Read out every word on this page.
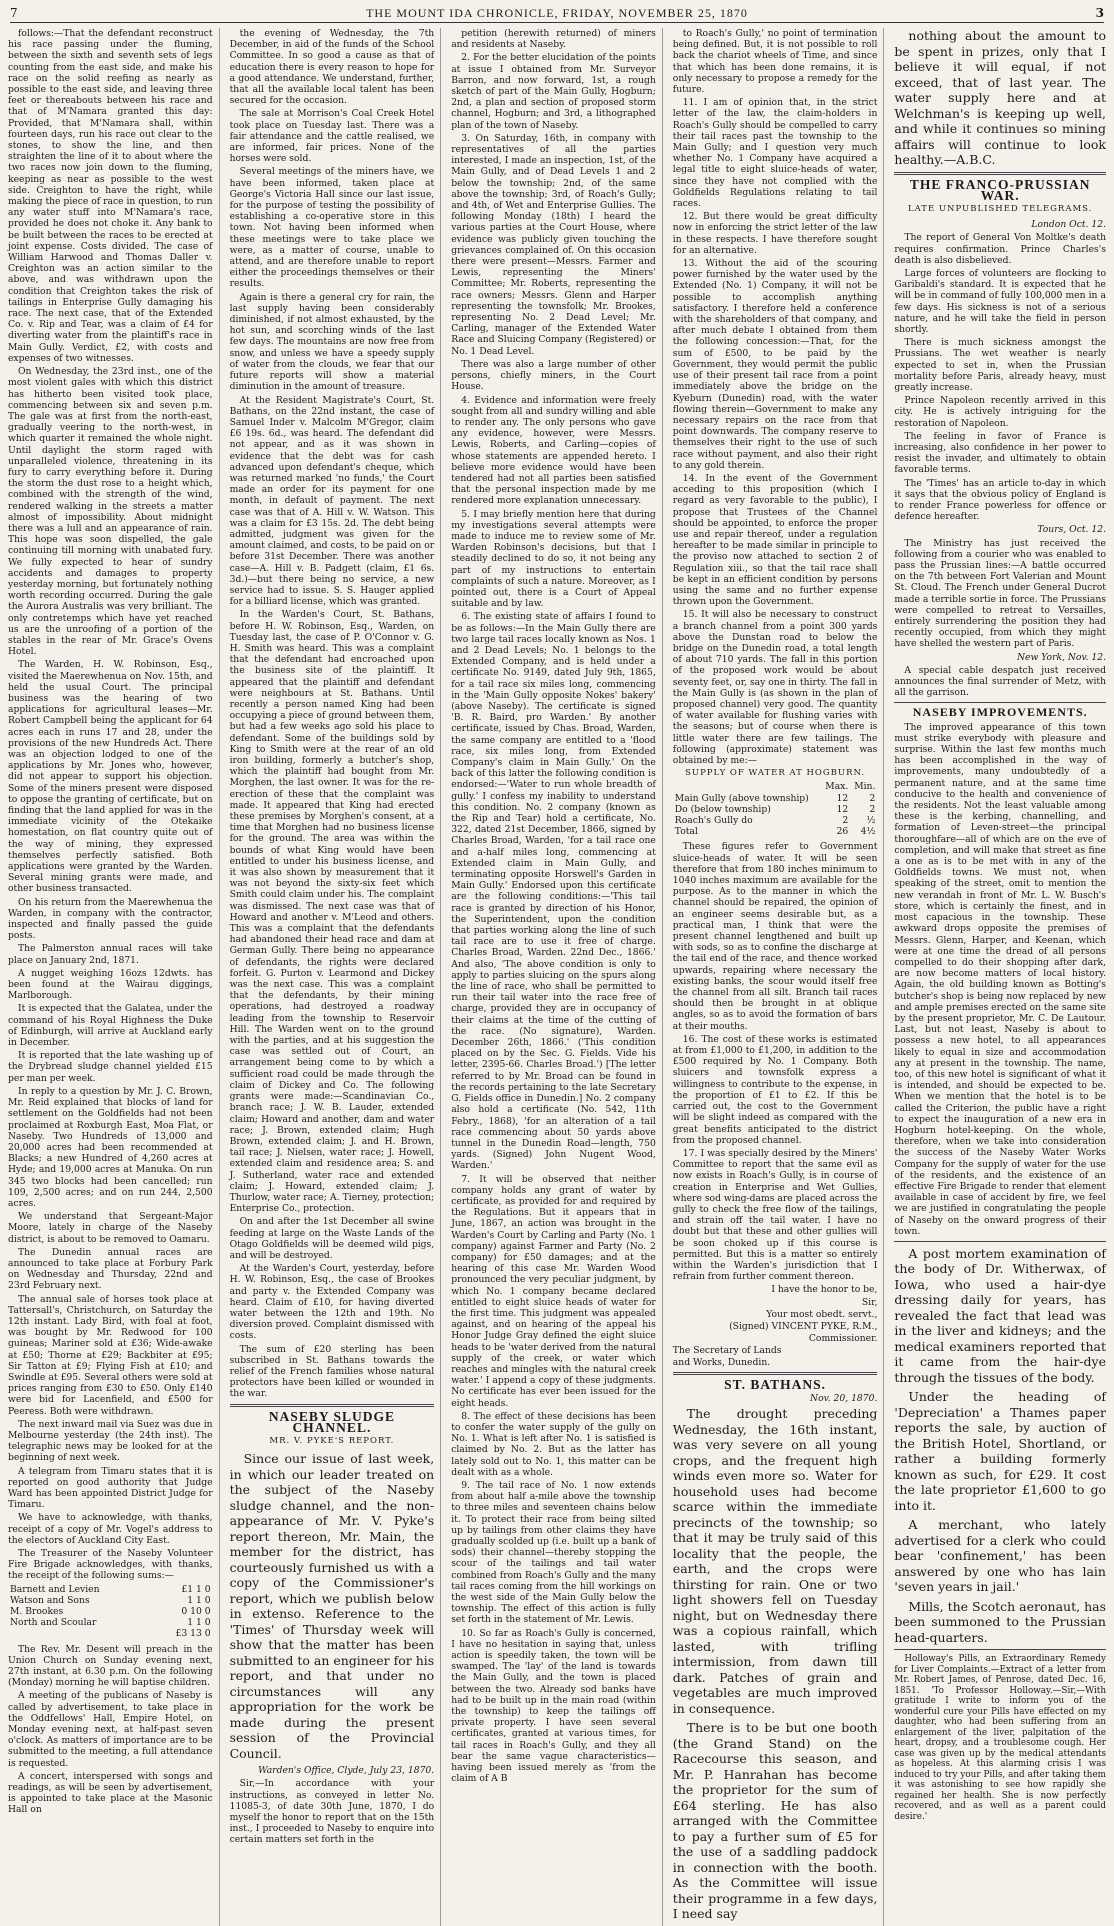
7	THE MOUNT IDA CHRONICLE, FRIDAY, NOVEMBER 25, 1870	3

follows:—That the defendant reconstruct his race passing under the fluming, between the sixth and seventh sets of legs counting from the east side, and make his race on the solid reefing as nearly as possible to the east side, and leaving three feet or thereabouts between his race and that of M'Namara granted this day: Provided, that M'Namara shall, within fourteen days, run his race out clear to the stones, to show the line, and then straighten the line of it to about where the two races now join down to the fluming, keeping as near as possible to the west side. Creighton to have the right, while making the piece of race in question, to run any water stuff into M'Namara's race, provided he does not choke it. Any bank to be built between the races to be erected at joint expense. Costs divided. The case of William Harwood and Thomas Daller v. Creighton was an action similar to the above, and was withdrawn upon the condition that Creighton takes the risk of tailings in Enterprise Gully damaging his race. The next case, that of the Extended Co. v. Rip and Tear, was a claim of £4 for diverting water from the plaintiff's race in Main Gully. Verdict, £2, with costs and expenses of two witnesses.

On Wednesday, the 23rd inst., one of the most violent gales with which this district has hitherto been visited took place, commencing between six and seven p.m. The gale was at first from the north-east, gradually veering to the north-west, in which quarter it remained the whole night. Until daylight the storm raged with unparalleled violence, threatening in its fury to carry everything before it. During the storm the dust rose to a height which, combined with the strength of the wind, rendered walking in the streets a matter almost of impossibility. About midnight there was a lull and an appearance of rain. This hope was soon dispelled, the gale continuing till morning with unabated fury. We fully expected to hear of sundry accidents and damages to property yesterday morning, but fortunately nothing worth recording occurred. During the gale the Aurora Australis was very brilliant. The only contretemps which have yet reached us are the unroofing of a portion of the stables in the rear of Mr. Grace's Ovens Hotel.

The Warden, H. W. Robinson, Esq., visited the Maerewhenua on Nov. 15th, and held the usual Court. The principal business was the hearing of two applications for agricultural leases—Mr. Robert Campbell being the applicant for 64 acres each in runs 17 and 28, under the provisions of the new Hundreds Act. There was an objection lodged to one of the applications by Mr. Jones who, however, did not appear to support his objection. Some of the miners present were disposed to oppose the granting of certificate, but on finding that the land applied for was in the immediate vicinity of the Otekaike homestation, on flat country quite out of the way of mining, they expressed themselves perfectly satisfied. Both applications were granted by the Warden. Several mining grants were made, and other business transacted.

On his return from the Maerewhenua the Warden, in company with the contractor, inspected and finally passed the guide posts.

The Palmerston annual races will take place on January 2nd, 1871.

A nugget weighing 16ozs 12dwts. has been found at the Wairau diggings, Marlborough.

It is expected that the Galatea, under the command of his Royal Highness the Duke of Edinburgh, will arrive at Auckland early in December.

It is reported that the late washing up of the Drybread sludge channel yielded £15 per man per week.

In reply to a question by Mr. J. C. Brown, Mr. Reid explained that blocks of land for settlement on the Goldfields had not been proclaimed at Roxburgh East, Moa Flat, or Naseby. Two Hundreds of 13,000 and 20,000 acres had been recommended at Blacks; a new Hundred of 4,260 acres at Hyde; and 19,000 acres at Manuka. On run 345 two blocks had been cancelled; run 109, 2,500 acres; and on run 244, 2,500 acres.

We understand that Sergeant-Major Moore, lately in charge of the Naseby district, is about to be removed to Oamaru.

The Dunedin annual races are announced to take place at Forbury Park on Wednesday and Thursday, 22nd and 23rd February next.

The annual sale of horses took place at Tattersall's, Christchurch, on Saturday the 12th instant. Lady Bird, with foal at foot, was bought by Mr. Redwood for 100 guineas; Mariner sold at £36; Wide-awake at £50; Thorne at £29; Backbiter at £95; Sir Tatton at £9; Flying Fish at £10; and Swindle at £95. Several others were sold at prices ranging from £30 to £50. Only £140 were bid for Lacenfield, and £500 for Peeress. Both were withdrawn.

The next inward mail via Suez was due in Melbourne yesterday (the 24th inst). The telegraphic news may be looked for at the beginning of next week.

A telegram from Timaru states that it is reported on good authority that Judge Ward has been appointed District Judge for Timaru.

We have to acknowledge, with thanks, receipt of a copy of Mr. Vogel's address to the electors of Auckland City East.

The Treasurer of the Naseby Volunteer Fire Brigade acknowledges, with thanks, the receipt of the following sums:—

Barnett and Levien	£1 1 0
Watson and Sons	1 1 0
M. Brookes	0 10 0
North and Scoular	1 1 0
	£3 13 0

The Rev. Mr. Desent will preach in the Union Church on Sunday evening next, 27th instant, at 6.30 p.m. On the following (Monday) morning he will baptise children.

A meeting of the publicans of Naseby is called by advertisement, to take place in the Oddfellows' Hall, Empire Hotel, on Monday evening next, at half-past seven o'clock. As matters of importance are to be submitted to the meeting, a full attendance is requested.

A concert, interspersed with songs and readings, as will be seen by advertisement, is appointed to take place at the Masonic Hall on

the evening of Wednesday, the 7th December, in aid of the funds of the School Committee. In so good a cause as that of education there is every reason to hope for a good attendance. We understand, further, that all the available local talent has been secured for the occasion.

The sale at Morrison's Coal Creek Hotel took place on Tuesday last. There was a fair attendance and the cattle realised, we are informed, fair prices. None of the horses were sold.

Several meetings of the miners have, we have been informed, taken place at George's Victoria Hall since our last issue, for the purpose of testing the possibility of establishing a co-operative store in this town. Not having been informed when these meetings were to take place we were, as a matter of course, unable to attend, and are therefore unable to report either the proceedings themselves or their results.

Again is there a general cry for rain, the last supply having been considerably diminished, if not almost exhausted, by the hot sun, and scorching winds of the last few days. The mountains are now free from snow, and unless we have a speedy supply of water from the clouds, we fear that our future reports will show a material diminution in the amount of treasure.

At the Resident Magistrate's Court, St. Bathans, on the 22nd instant, the case of Samuel Inder v. Malcolm M'Gregor, claim £6 19s. 6d., was heard. The defendant did not appear, and as it was shown in evidence that the debt was for cash advanced upon defendant's cheque, which was returned marked 'no funds,' the Court made an order for its payment for one month, in default of payment. The next case was that of A. Hill v. W. Watson. This was a claim for £3 15s. 2d. The debt being admitted, judgment was given for the amount claimed, and costs, to be paid on or before 31st December. There was another case—A. Hill v. B. Padgett (claim, £1 6s. 3d.)—but there being no service, a new service had to issue. S. S. Hauger applied for a billiard license, which was granted.

In the Warden's Court, St. Bathans, before H. W. Robinson, Esq., Warden, on Tuesday last, the case of P. O'Connor v. G. H. Smith was heard. This was a complaint that the defendant had encroached upon the business site of the plaintiff. It appeared that the plaintiff and defendant were neighbours at St. Bathans. Until recently a person named King had been occupying a piece of ground between them, but had a few weeks ago sold his place to defendant. Some of the buildings sold by King to Smith were at the rear of an old iron building, formerly a butcher's shop, which the plaintiff had bought from Mr. Morghen, the last owner. It was for the re-erection of these that the complaint was made. It appeared that King had erected these premises by Morghen's consent, at a time that Morghen had no business license for the ground. The area was within the bounds of what King would have been entitled to under his business license, and it was also shown by measurement that it was not beyond the sixty-six feet which Smith could claim under his. The complaint was dismissed. The next case was that of Howard and another v. M'Leod and others. This was a complaint that the defendants had abandoned their head race and dam at German Gully. There being no appearance of defendants, the rights were declared forfeit. G. Purton v. Learmond and Dickey was the next case. This was a complaint that the defendants, by their mining operations, had destroyed a roadway leading from the township to Reservoir Hill. The Warden went on to the ground with the parties, and at his suggestion the case was settled out of Court, an arrangement being come to by which a sufficient road could be made through the claim of Dickey and Co. The following grants were made:—Scandinavian Co., branch race; J. W. B. Lauder, extended claim; Howard and another, dam and water race; J. Brown, extended claim; Hugh Brown, extended claim; J. and H. Brown, tail race; J. Nielsen, water race; J. Howell, extended claim and residence area; S. and J. Sutherland, water race and extended claim; J. Howard, extended claim; J. Thurlow, water race; A. Tierney, protection; Enterprise Co., protection.

On and after the 1st December all swine feeding at large on the Waste Lands of the Otago Goldfields will be deemed wild pigs, and will be destroyed.

At the Warden's Court, yesterday, before H. W. Robinson, Esq., the case of Brookes and party v. the Extended Company was heard. Claim of £10, for having diverted water between the 12th and 19th. No diversion proved. Complaint dismissed with costs.

The sum of £20 sterling has been subscribed in St. Bathans towards the relief of the French families whose natural protectors have been killed or wounded in the war.

NASEBY SLUDGE CHANNEL.
MR. V. PYKE'S REPORT.

Since our issue of last week, in which our leader treated on the subject of the Naseby sludge channel, and the non-appearance of Mr. V. Pyke's report thereon, Mr. Main, the member for the district, has courteously furnished us with a copy of the Commissioner's report, which we publish below in extenso. Reference to the 'Times' of Thursday week will show that the matter has been submitted to an engineer for his report, and that under no circumstances will any appropriation for the work be made during the present session of the Provincial Council.

Warden's Office, Clyde, July 23, 1870.

Sir,—In accordance with your instructions, as conveyed in letter No. 11085-3, of date 30th June, 1870, I do myself the honor to report that on the 15th inst., I proceeded to Naseby to enquire into certain matters set forth in the

petition (herewith returned) of miners and residents at Naseby.

2. For the better elucidation of the points at issue I obtained from Mr. Surveyor Barron, and now forward, 1st, a rough sketch of part of the Main Gully, Hogburn; 2nd, a plan and section of proposed storm channel, Hogburn; and 3rd, a lithographed plan of the town of Naseby.

3. On Saturday, 16th, in company with representatives of all the parties interested, I made an inspection, 1st, of the Main Gully, and of Dead Levels 1 and 2 below the township; 2nd, of the same above the township; 3rd, of Roach's Gully; and 4th, of Wet and Enterprise Gullies. The following Monday (18th) I heard the various parties at the Court House, where evidence was publicly given touching the grievances complained of. On this occasion there were present—Messrs. Farmer and Lewis, representing the Miners' Committee; Mr. Roberts, representing the race owners; Messrs. Glenn and Harper representing the townsfolk; Mr. Brookes, representing No. 2 Dead Level; Mr. Carling, manager of the Extended Water Race and Sluicing Company (Registered) or No. 1 Dead Level.

There was also a large number of other persons, chiefly miners, in the Court House.

4. Evidence and information were freely sought from all and sundry willing and able to render any. The only persons who gave any evidence, however, were Messrs. Lewis, Roberts, and Carling—copies of whose statements are appended hereto. I believe more evidence would have been tendered had not all parties been satisfied that the personal inspection made by me rendered more explanation unnecessary.

5. I may briefly mention here that during my investigations several attempts were made to induce me to review some of Mr. Warden Robinson's decisions, but that I steadily declined to do so, it not being any part of my instructions to entertain complaints of such a nature. Moreover, as I pointed out, there is a Court of Appeal suitable and by law.

6. The existing state of affairs I found to be as follows:—In the Main Gully there are two large tail races locally known as Nos. 1 and 2 Dead Levels; No. 1 belongs to the Extended Company, and is held under a certificate No. 9149, dated July 9th, 1865, for a tail race six miles long, commencing in the 'Main Gully opposite Nokes' bakery' (above Naseby). The certificate is signed 'B. R. Baird, pro Warden.' By another certificate, issued by Chas. Broad, Warden, the same company are entitled to a 'flood race, six miles long, from Extended Company's claim in Main Gully.' On the back of this latter the following condition is endorsed:—'Water to run whole breadth of gully.' I confess my inability to understand this condition. No. 2 company (known as the Rip and Tear) hold a certificate, No. 322, dated 21st December, 1866, signed by Charles Broad, Warden, 'for a tail race one and a-half miles long, commencing at Extended claim in Main Gully, and terminating opposite Horswell's Garden in Main Gully.' Endorsed upon this certificate are the following conditions:—'This tail race is granted by direction of his Honor, the Superintendent, upon the condition that parties working along the line of such tail race are to use it free of charge. Charles Broad, Warden. 22nd Dec., 1866.' And also, 'The above condition is only to apply to parties sluicing on the spurs along the line of race, who shall be permitted to run their tail water into the race free of charge, provided they are in occupancy of their claims at the time of the cutting of the race. (No signature), Warden. December 26th, 1866.' ('This condition placed on by the Sec. G. Fields. Vide his letter, 2395-66. Charles Broad.') [The letter referred to by Mr. Broad can be found in the records pertaining to the late Secretary G. Fields office in Dunedin.] No. 2 company also hold a certificate (No. 542, 11th Febry., 1868), 'for an alteration of a tail race commencing about 50 yards above tunnel in the Dunedin Road—length, 750 yards. (Signed) John Nugent Wood, Warden.'

7. It will be observed that neither company holds any grant of water by certificate, as provided for and required by the Regulations. But it appears that in June, 1867, an action was brought in the Warden's Court by Carling and Party (No. 1 company) against Farmer and Party (No. 2 company) for £50 damages; and at the hearing of this case Mr. Warden Wood pronounced the very peculiar judgment, by which No. 1 company became declared entitled to eight sluice heads of water for the first time. This judgment was appealed against, and on hearing of the appeal his Honor Judge Gray defined the eight sluice heads to be 'water derived from the natural supply of the creek, or water which reaches and mingles with the natural creek water.' I append a copy of these judgments. No certificate has ever been issued for the eight heads.

8. The effect of these decisions has been to confer the water supply of the gully on No. 1. What is left after No. 1 is satisfied is claimed by No. 2. But as the latter has lately sold out to No. 1, this matter can be dealt with as a whole.

9. The tail race of No. 1 now extends from about half a-mile above the township to three miles and seventeen chains below it. To protect their race from being silted up by tailings from other claims they have gradually scolded up (i.e. built up a bank of sods) their channel—thereby stopping the scour of the tailings and tail water combined from Roach's Gully and the many tail races coming from the hill workings on the west side of the Main Gully below the township. The effect of this action is fully set forth in the statement of Mr. Lewis.

10. So far as Roach's Gully is concerned, I have no hesitation in saying that, unless action is speedily taken, the town will be swamped. The 'lay' of the land is towards the Main Gully, and the town is placed between the two. Already sod banks have had to be built up in the main road (within the township) to keep the tailings off private property. I have seen several certificates, granted at various times, for tail races in Roach's Gully, and they all bear the same vague characteristics—having been issued merely as 'from the claim of A B

to Roach's Gully,' no point of termination being defined. But, it is not possible to roll back the chariot wheels of Time, and since that which has been done remains, it is only necessary to propose a remedy for the future.

11. I am of opinion that, in the strict letter of the law, the claim-holders in Roach's Gully should be compelled to carry their tail races past the township to the Main Gully; and I question very much whether No. 1 Company have acquired a legal title to eight sluice-heads of water, since they have not complied with the Goldfields Regulations relating to tail races.

12. But there would be great difficulty now in enforcing the strict letter of the law in these respects. I have therefore sought for an alternative.

13. Without the aid of the scouring power furnished by the water used by the Extended (No. 1) Company, it will not be possible to accomplish anything satisfactory. I therefore held a conference with the shareholders of that company, and after much debate I obtained from them the following concession:—That, for the sum of £500, to be paid by the Government, they would permit the public use of their present tail race from a point immediately above the bridge on the Kyeburn (Dunedin) road, with the water flowing therein—Government to make any necessary repairs on the race from that point downwards. The company reserve to themselves their right to the use of such race without payment, and also their right to any gold therein.

14. In the event of the Government acceding to this proposition (which I regard as very favorable to the public), I propose that Trustees of the Channel should be appointed, to enforce the proper use and repair thereof, under a regulation hereafter to be made similar in principle to the proviso now attached to section 2 of Regulation xiii., so that the tail race shall be kept in an efficient condition by persons using the same and no further expense thrown upon the Government.

15. It will also be necessary to construct a branch channel from a point 300 yards above the Dunstan road to below the bridge on the Dunedin road, a total length of about 710 yards. The fall in this portion of the proposed work would be about seventy feet, or, say one in thirty. The fall in the Main Gully is (as shown in the plan of proposed channel) very good. The quantity of water available for flushing varies with the seasons; but of course when there is little water there are few tailings. The following (approximate) statement was obtained by me:—

SUPPLY OF WATER AT HOGBURN.
	Max.	Min.
Main Gully (above township)	12	2
Do (below township)	12	2
Roach's Gully do	2	½
Total	26	4½

These figures refer to Government sluice-heads of water. It will be seen therefore that from 180 inches minimum to 1040 inches maximum are available for the purpose. As to the manner in which the channel should be repaired, the opinion of an engineer seems desirable but, as a practical man, I think that were the present channel lengthened and built up with sods, so as to confine the discharge at the tail end of the race, and thence worked upwards, repairing where necessary the existing banks, the scour would itself free the channel from all silt. Branch tail races should then be brought in at oblique angles, so as to avoid the formation of bars at their mouths.

16. The cost of these works is estimated at from £1,000 to £1,200, in addition to the £500 required by No. 1 Company. Both sluicers and townsfolk express a willingness to contribute to the expense, in the proportion of £1 to £2. If this be carried out, the cost to the Government will be slight indeed as compared with the great benefits anticipated to the district from the proposed channel.

17. I was specially desired by the Miners' Committee to report that the same evil as now exists in Roach's Gully, is in course of creation in Enterprise and Wet Gullies, where sod wing-dams are placed across the gully to check the free flow of the tailings, and strain off the tail water. I have no doubt but that these and other gullies will be soon choked up if this course is permitted. But this is a matter so entirely within the Warden's jurisdiction that I refrain from further comment thereon.

I have the honor to be,
Sir,
Your most obedt. servt.,
(Signed) VINCENT PYKE, R.M.,
Commissioner.
The Secretary of Lands
and Works, Dunedin.
ST. BATHANS.
Nov. 20, 1870.

The drought preceding Wednesday, the 16th instant, was very severe on all young crops, and the frequent high winds even more so. Water for household uses had become scarce within the immediate precincts of the township; so that it may be truly said of this locality that the people, the earth, and the crops were thirsting for rain. One or two light showers fell on Tuesday night, but on Wednesday there was a copious rainfall, which lasted, with trifling intermission, from dawn till dark. Patches of grain and vegetables are much improved in consequence.

There is to be but one booth (the Grand Stand) on the Racecourse this season, and Mr. P. Hanrahan has become the proprietor for the sum of £64 sterling. He has also arranged with the Committee to pay a further sum of £5 for the use of a saddling paddock in connection with the booth. As the Committee will issue their programme in a few days, I need say

nothing about the amount to be spent in prizes, only that I believe it will equal, if not exceed, that of last year. The water supply here and at Welchman's is keeping up well, and while it continues so mining affairs will continue to look healthy.—A.B.C.

THE FRANCO-PRUSSIAN WAR.
LATE UNPUBLISHED TELEGRAMS.
London Oct. 12.

The report of General Von Moltke's death requires confirmation. Prince Charles's death is also disbelieved.

Large forces of volunteers are flocking to Garibaldi's standard. It is expected that he will be in command of fully 100,000 men in a few days. His sickness is not of a serious nature, and he will take the field in person shortly.

There is much sickness amongst the Prussians. The wet weather is nearly expected to set in, when the Prussian mortality before Paris, already heavy, must greatly increase.

Prince Napoleon recently arrived in this city. He is actively intriguing for the restoration of Napoleon.

The feeling in favor of France is increasing, also confidence in her power to resist the invader, and ultimately to obtain favorable terms.

The 'Times' has an article to-day in which it says that the obvious policy of England is to render France powerless for offence or defence hereafter.

Tours, Oct. 12.

The Ministry has just received the following from a courier who was enabled to pass the Prussian lines:—A battle occurred on the 7th between Fort Valerian and Mount St. Cloud. The French under General Ducrot made a terrible sortie in force. The Prussians were compelled to retreat to Versailles, entirely surrendering the position they had recently occupied, from which they might have shelled the western part of Paris.

New York, Nov. 12.

A special cable despatch just received announces the final surrender of Metz, with all the garrison.

NASEBY IMPROVEMENTS.

The improved appearance of this town must strike everybody with pleasure and surprise. Within the last few months much has been accomplished in the way of improvements, many undoubtedly of a permanent nature, and at the same time conducive to the health and convenience of the residents. Not the least valuable among these is the kerbing, channelling, and formation of Leven-street—the principal thoroughfare—all of which are on the eve of completion, and will make that street as fine a one as is to be met with in any of the Goldfields towns. We must not, when speaking of the street, omit to mention the new verandah in front of Mr. L. W. Busch's store, which is certainly the finest, and in most capacious in the township. These awkward drops opposite the premises of Messrs. Glenn, Harper, and Keenan, which were at one time the dread of all persons compelled to do their shopping after dark, are now become matters of local history. Again, the old building known as Botting's butcher's shop is being now replaced by new and ample premises erected on the same site by the present proprietor, Mr. C. De Lautour. Last, but not least, Naseby is about to possess a new hotel, to all appearances likely to equal in size and accommodation any at present in the township. The name, too, of this new hotel is significant of what it is intended, and should be expected to be. When we mention that the hotel is to be called the Criterion, the public have a right to expect the inauguration of a new era in Hogburn hotel-keeping. On the whole, therefore, when we take into consideration the success of the Naseby Water Works Company for the supply of water for the use of the residents, and the existence of an effective Fire Brigade to render that element available in case of accident by fire, we feel we are justified in congratulating the people of Naseby on the onward progress of their town.

A post mortem examination of the body of Dr. Witherwax, of Iowa, who used a hair-dye dressing daily for years, has revealed the fact that lead was in the liver and kidneys; and the medical examiners reported that it came from the hair-dye through the tissues of the body.

Under the heading of 'Depreciation' a Thames paper reports the sale, by auction of the British Hotel, Shortland, or rather a building formerly known as such, for £29. It cost the late proprietor £1,600 to go into it.

A merchant, who lately advertised for a clerk who could bear 'confinement,' has been answered by one who has lain 'seven years in jail.'

Mills, the Scotch aeronaut, has been summoned to the Prussian head-quarters.

Holloway's Pills, an Extraordinary Remedy for Liver Complaints.—Extract of a letter from Mr. Robert James, of Penrose, dated Dec. 16, 1851. 'To Professor Holloway.—Sir,—With gratitude I write to inform you of the wonderful cure your Pills have effected on my daughter, who had been suffering from an enlargement of the liver, palpitation of the heart, dropsy, and a troublesome cough. Her case was given up by the medical attendants as hopeless. At this alarming crisis I was induced to try your Pills, and after taking them it was astonishing to see how rapidly she regained her health. She is now perfectly recovered, and as well as a parent could desire.'
